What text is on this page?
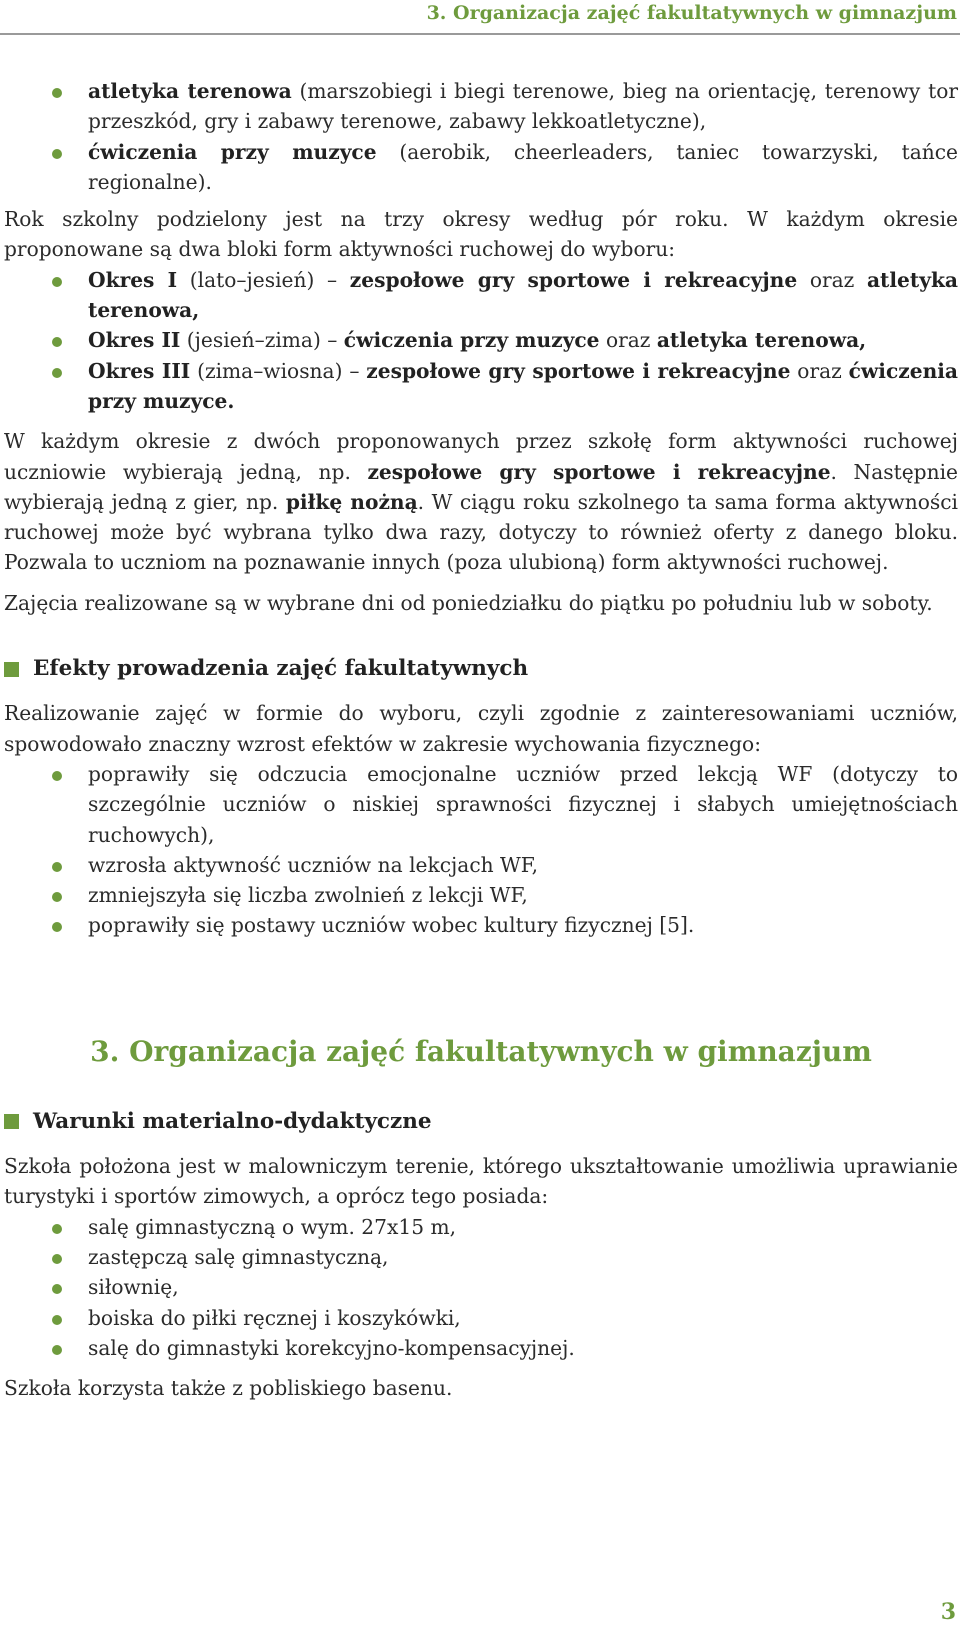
3. Organizacja zajęć fakultatywnych w gimnazjum
atletyka terenowa (marszobiegi i biegi terenowe, bieg na orientację, terenowy tor przeszkód, gry i zabawy terenowe, zabawy lekkoatletyczne),
ćwiczenia przy muzyce (aerobik, cheerleaders, taniec towarzyski, tańce regionalne).

Rok szkolny podzielony jest na trzy okresy według pór roku. W każdym okresie proponowane są dwa bloki form aktywności ruchowej do wyboru:

Okres I (lato–jesień) – zespołowe gry sportowe i rekreacyjne oraz atletyka terenowa,
Okres II (jesień–zima) – ćwiczenia przy muzyce oraz atletyka terenowa,
Okres III (zima–wiosna) – zespołowe gry sportowe i rekreacyjne oraz ćwiczenia przy muzyce.

W każdym okresie z dwóch proponowanych przez szkołę form aktywności ruchowej uczniowie wybierają jedną, np. zespołowe gry sportowe i rekreacyjne. Następnie wybierają jedną z gier, np. piłkę nożną. W ciągu roku szkolnego ta sama forma aktywności ruchowej może być wybrana tylko dwa razy, dotyczy to również oferty z danego bloku. Pozwala to uczniom na poznawanie innych (poza ulubioną) form aktywności ruchowej.

Zajęcia realizowane są w wybrane dni od poniedziałku do piątku po południu lub w soboty.

Efekty prowadzenia zajęć fakultatywnych

Realizowanie zajęć w formie do wyboru, czyli zgodnie z zainteresowaniami uczniów, spowodowało znaczny wzrost efektów w zakresie wychowania fizycznego:

poprawiły się odczucia emocjonalne uczniów przed lekcją WF (dotyczy to szczególnie uczniów o niskiej sprawności fizycznej i słabych umiejętnościach ruchowych),
wzrosła aktywność uczniów na lekcjach WF,
zmniejszyła się liczba zwolnień z lekcji WF,
poprawiły się postawy uczniów wobec kultury fizycznej [5].
3. Organizacja zajęć fakultatywnych w gimnazjum
Warunki materialno-dydaktyczne

Szkoła położona jest w malowniczym terenie, którego ukształtowanie umożliwia uprawianie turystyki i sportów zimowych, a oprócz tego posiada:

salę gimnastyczną o wym. 27x15 m,
zastępczą salę gimnastyczną,
siłownię,
boiska do piłki ręcznej i koszykówki,
salę do gimnastyki korekcyjno-kompensacyjnej.

Szkoła korzysta także z pobliskiego basenu.

3
